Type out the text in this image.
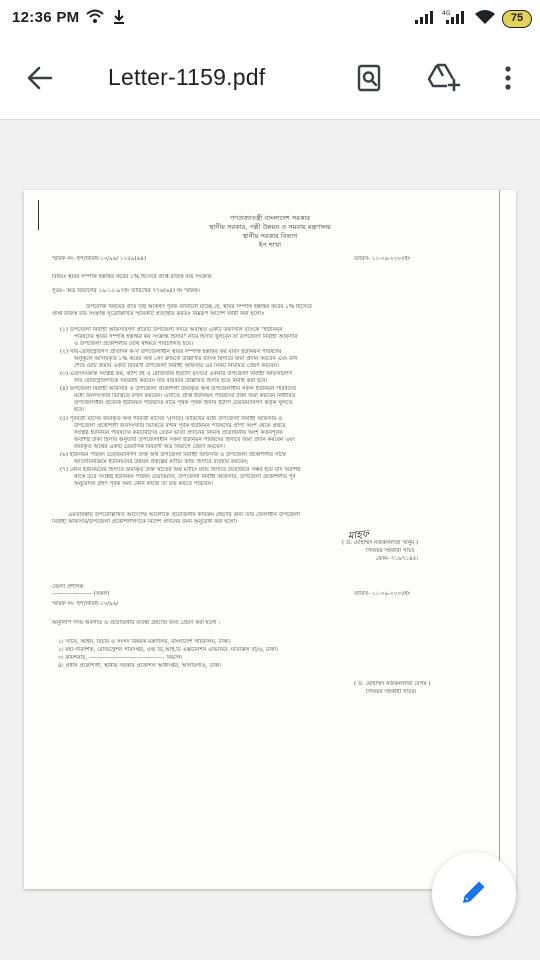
12:36 PM	4G	75
Letter-1159.pdf
গণপ্রজাতন্ত্রী বাংলাদেশ সরকার
স্থানীয় সরকার, পল্লী উন্নয়ন ও সমবায় মন্ত্রণালয়
স্থানীয় সরকার বিভাগ
ইপ শাখা
স্মারক নং- ইপ/বিবিধ-১৩/৯৬/ ১১৫৯(৬৪)	তারিখ- ১১-০৯-২০০৫ইং
বিষয়ঃ স্থাবর সম্পত্তি হস্তান্তর করের ১% হিসেবে প্রাপ্ত রাজস্ব ব্যয় সংক্রান্ত
সূত্রঃ- অত্র বিভাগের ১৯-১১-৯৭ইং তারিখের ৭৭৬(৬৪) নং স্মারক।
উপরোক্ত বিষয়ের প্রতি দৃষ্টি আকর্ষণ পূর্বক জানানো যাচ্ছে যে, স্থাবর সম্পত্তি হস্তান্তর করের ১% হিসেবে
প্রাপ্ত রাজস্ব ব্যয় সংক্রান্ত সূত্রোল্লিখিত স্মারকটি প্রত্যাহার করতঃ নিম্নরূপ আদেশ জারী করা হলোঃ
(১) উপজেলা নির্বাহী অফিসারগণ প্রতিটি উপজেলা সদরে অবস্থিত একটি তফসিলি ব্যাংকে "ইউনিয়ন
পরিষদের স্থাবর সম্পত্তি হস্তান্তর কর সংক্রান্ত হিসাব" নামে হিসাব খুলবেন যা উপজেলা নির্বাহী অফিসার
ও উপজেলা প্রকৌশলীর যৌথ স্বাক্ষরে পরিচালিত হবে।
(২) সাব-রেজিস্ট্রারগণ প্রতিদিন ক-খ উপজেলাধীন স্থাবর সম্পত্তি হস্তান্তর কর বাবদ ইউনিয়ন পরিষদের
অনুকূলে আদায়কৃত ১% করের অর্থ ১নং ক্রমিকে উল্লিখিত ব্যাংক হিসাবে জমা প্রদান করবেন এবং মাস
শেষে মোট জমার একটি বিবরণী উপজেলা নির্বাহী অফিসার এর নিকট নিয়মিত প্রেরণ করবেন।
(৩) এতদসংক্রান্ত সংশ্লিষ্ট ফর্ম, ক্যাশ বই ও রেজিস্টার ইত্যাদি বৎসরে একবার উপজেলা নির্বাহী অফিসারগণ
সাব রেজিস্ট্রারগণকে সরবরাহ করবেন যার ব্যয়ভার উল্লিখিত হিসাব হতে নির্বাহ করা হবে।
(৪) উপজেলা নির্বাহী অফিসার ও উপজেলা প্রকৌশলী জমাকৃত অর্থ উপজেলাধীন সকল ইউনিয়ন পরিষদের
মধ্যে জনসংখ্যার ভিত্তিতে বণ্টন করবেন। এখাতে প্রাপ্ত ইউনিয়ন পরিষদের টাকা জমা করবেন নির্ধারিত
উপজেলাধীন প্রত্যেক ইউনিয়ন পরিষদের নামে পৃথক পৃথক হিসাব ইউপি চেয়ারম্যানগণ কর্তৃক খুলতে
হবে।
(৫) পূর্ববর্তী মাসের জমাকৃত অর্থ পরবর্তী মাসের ৭(সাত) তারিখের মধ্যে উপজেলা নির্বাহী অফিসার ও
উপজেলা প্রকৌশলী জনসংখ্যার ভিত্তিতে বণ্টন পূর্বক ইউনিয়ন পরিষদের প্রাপ্য অংশ থেকে প্রথমে
সংশ্লিষ্ট ইউনিয়ন পরিষদের কর্মচারীদের বেতন ভাতা প্রদানের নিমিত্ত প্রয়োজনীয় অংশ কর্তনপূর্বক
অবশিষ্ট টাকা হিসাব অনুযায়ী উপজেলাধীন সকল ইউনিয়ন পরিষদের হিসাবে জমা প্রদান করবেন এবং
জমাকৃত অর্থের একটি ত্রৈমাসিক বিবরণী অত্র বিভাগে প্রেরণ করবেন।
(৬) ইউনিয়ন পরিষদ চেয়ারম্যানগণ উক্ত অর্থ উপজেলা নির্বাহী অফিসার ও উপজেলা প্রকৌশলীর সাথে
আলোচনাক্রমে ইউনিয়নের উন্নয়ন প্রকল্পের ম্যাচিং ফান্ড হিসাবে ব্যবহার করবেন;
(৭) কোন ইউনিয়নের হিসাবে জমাকৃত উক্ত খাতের অর্থ ম্যাচিং ফান্ড হিসাবে প্রয়োজনে সম্ভব হয়ে যদি অবশিষ্ট
থাকে তবে সংশ্লিষ্ট ইউনিয়ন পরিষদ চেয়ারম্যান, উপজেলা নির্বাহী অফিসার, উপজেলা প্রকৌশলীর পূর্ব
অনুমোদন গ্রহণ পূর্বক অন্য কোন কাজে তা ব্যয় করতে পারবেন।
এমতাবস্থায় উপরোল্লিখিত আদেশের আলোকে প্রয়োজনীয় কার্যক্রম গ্রহণের জন্য তার জেলাধীন উপজেলা
নির্বাহী অফিসার/উপজেলা প্রকৌশলীগণকে নির্দেশ প্রদানের জন্য অনুরোধ করা হলো।
মাহফ
( ড: মোহাম্মদ নজরুনলারা খানুম )
সিনিয়র সহকারী সচিব
ফোন- ৭১৬৭১৪৫।
জেলা প্রশাসক
--------------------- (সকল)
স্মারক নং- ইপ/বিবিধ-১৩/৯৬/
তারিখ- ১১-০৯-২০০৫ইং
অনুলিপি সদয় অবগতি ও প্রয়োজনীয় ব্যবস্থা গ্রহণের জন্য প্রেরণ করা হলো :
১। সচিব, আইন, বিচার ও সংসদ বিষয়ক মন্ত্রণালয়, বাংলাদেশ সচিবালয়, ঢাকা।
২। মহা-পরিদর্শক, রেজিস্ট্রেশন পরিদপ্তর, ওল্ড ডি,আই,টি এক্সটেনশন এভিনিউ, মতিঝিল বা/এ, ঢাকা।
৩। কমিশনার, ---------------------------------------- বিভাগ।
৪। প্রধান প্রকৌশলী, স্থানীয় সরকার প্রকৌশল অধিদপ্তর, আগারগাঁও, ঢাকা।
( ড: মোহাম্মদ নজরুনলারা বেগম )
সিনিয়র সহকারী সচিব।
